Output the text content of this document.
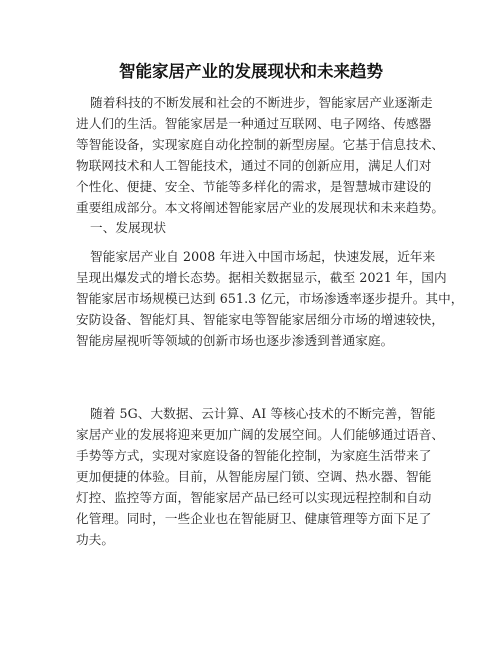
智能家居产业的发展现状和未来趋势
随着科技的不断发展和社会的不断进步，智能家居产业逐渐走
进人们的生活。智能家居是一种通过互联网、电子网络、传感器
等智能设备，实现家庭自动化控制的新型房屋。它基于信息技术、
物联网技术和人工智能技术，通过不同的创新应用，满足人们对
个性化、便捷、安全、节能等多样化的需求，是智慧城市建设的
重要组成部分。本文将阐述智能家居产业的发展现状和未来趋势。
一、发展现状
智能家居产业自 2008 年进入中国市场起，快速发展，近年来
呈现出爆发式的增长态势。据相关数据显示，截至 2021 年，国内
智能家居市场规模已达到 651.3 亿元，市场渗透率逐步提升。其中，
安防设备、智能灯具、智能家电等智能家居细分市场的增速较快，
智能房屋视听等领域的创新市场也逐步渗透到普通家庭。
随着 5G、大数据、云计算、AI 等核心技术的不断完善，智能
家居产业的发展将迎来更加广阔的发展空间。人们能够通过语音、
手势等方式，实现对家庭设备的智能化控制，为家庭生活带来了
更加便捷的体验。目前，从智能房屋门锁、空调、热水器、智能
灯控、监控等方面，智能家居产品已经可以实现远程控制和自动
化管理。同时，一些企业也在智能厨卫、健康管理等方面下足了
功夫。
